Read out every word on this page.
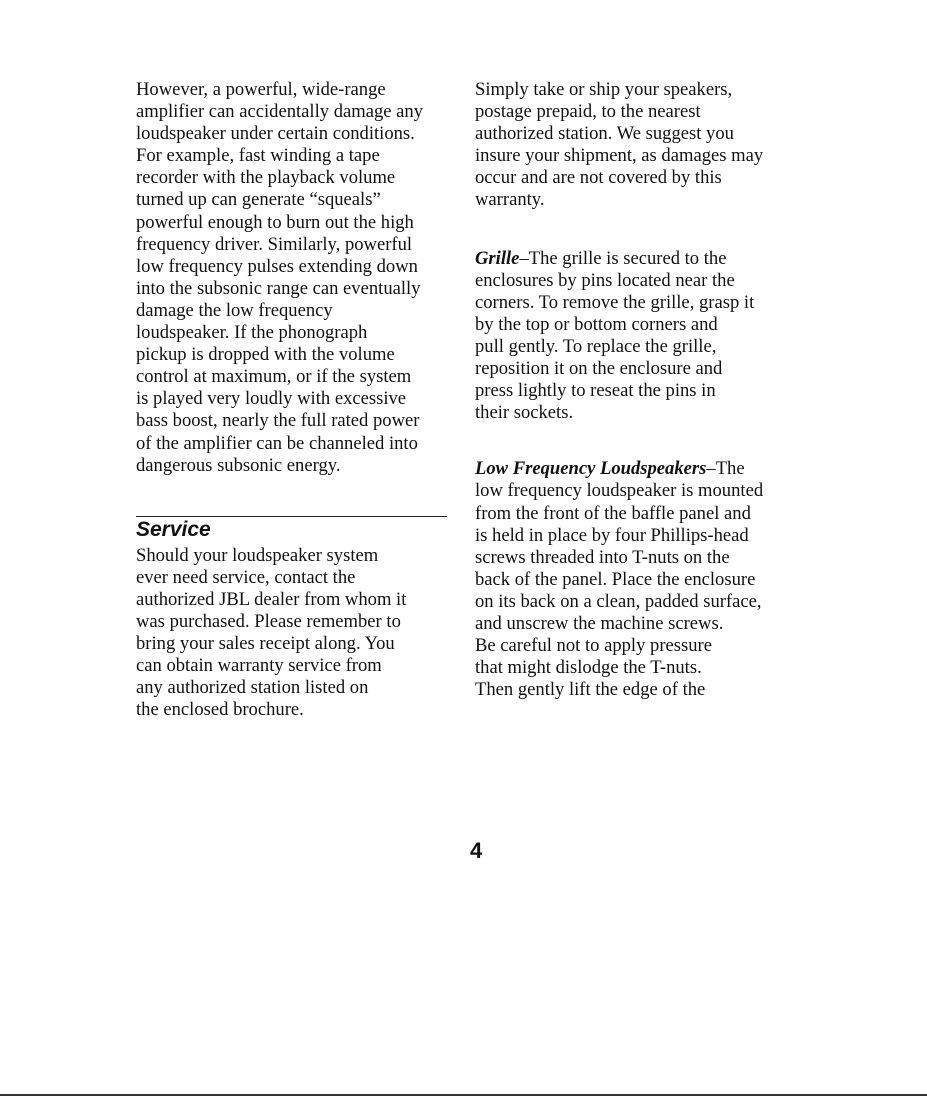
However, a powerful, wide-range
amplifier can accidentally damage any
loudspeaker under certain conditions.
For example, fast winding a tape
recorder with the playback volume
turned up can generate “squeals”
powerful enough to burn out the high
frequency driver. Similarly, powerful
low frequency pulses extending down
into the subsonic range can eventually
damage the low frequency
loudspeaker. If the phonograph
pickup is dropped with the volume
control at maximum, or if the system
is played very loudly with excessive
bass boost, nearly the full rated power
of the amplifier can be channeled into
dangerous subsonic energy.
Service
Should your loudspeaker system
ever need service, contact the
authorized JBL dealer from whom it
was purchased. Please remember to
bring your sales receipt along. You
can obtain warranty service from
any authorized station listed on
the enclosed brochure.
Simply take or ship your speakers,
postage prepaid, to the nearest
authorized station. We suggest you
insure your shipment, as damages may
occur and are not covered by this
warranty.
Grille–The grille is secured to the
enclosures by pins located near the
corners. To remove the grille, grasp it
by the top or bottom corners and
pull gently. To replace the grille,
reposition it on the enclosure and
press lightly to reseat the pins in
their sockets.
Low Frequency Loudspeakers–The
low frequency loudspeaker is mounted
from the front of the baffle panel and
is held in place by four Phillips-head
screws threaded into T-nuts on the
back of the panel. Place the enclosure
on its back on a clean, padded surface,
and unscrew the machine screws.
Be careful not to apply pressure
that might dislodge the T-nuts.
Then gently lift the edge of the
4
